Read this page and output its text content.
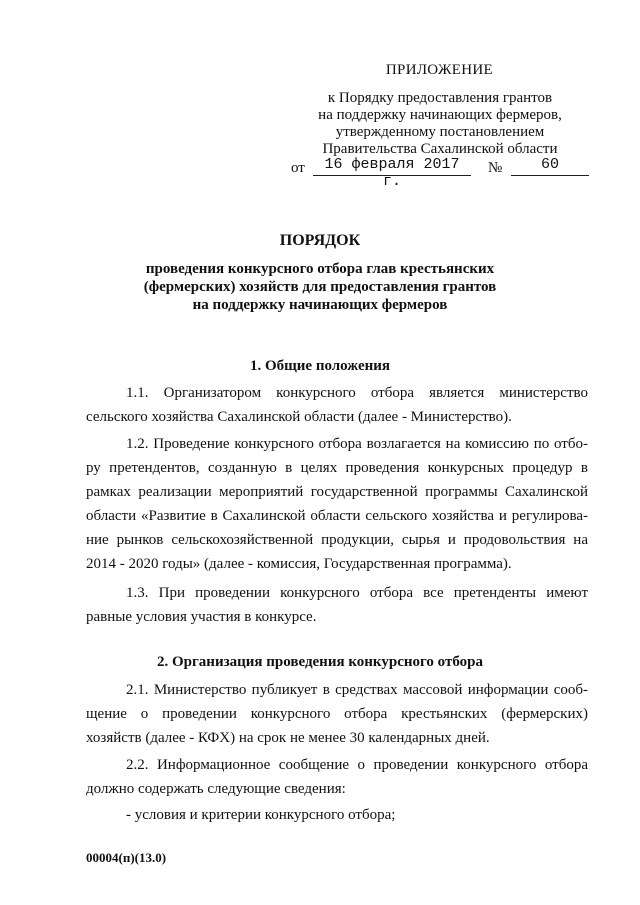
ПРИЛОЖЕНИЕ
к Порядку предоставления грантов
на поддержку начинающих фермеров,
утвержденному постановлением
Правительства Сахалинской области
от	16 февраля 2017 г.
№	60
ПОРЯДОК
проведения конкурсного отбора глав крестьянских
(фермерских) хозяйств для предоставления грантов
на поддержку начинающих фермеров
1. Общие положения
1.1. Организатором конкурсного отбора является министерство
сельского хозяйства Сахалинской области (далее - Министерство).
1.2. Проведение конкурсного отбора возлагается на комиссию по отбо-
ру претендентов, созданную в целях проведения конкурсных процедур в
рамках реализации мероприятий государственной программы Сахалинской
области «Развитие в Сахалинской области сельского хозяйства и регулирова-
ние рынков сельскохозяйственной продукции, сырья и продовольствия на
2014 - 2020 годы» (далее - комиссия, Государственная программа).
1.3. При проведении конкурсного отбора все претенденты имеют
равные условия участия в конкурсе.
2. Организация проведения конкурсного отбора
2.1. Министерство публикует в средствах массовой информации сооб-
щение о проведении конкурсного отбора крестьянских (фермерских)
хозяйств (далее - КФХ) на срок не менее 30 календарных дней.
2.2. Информационное сообщение о проведении конкурсного отбора
должно содержать следующие сведения:
- условия и критерии конкурсного отбора;
00004(п)(13.0)
